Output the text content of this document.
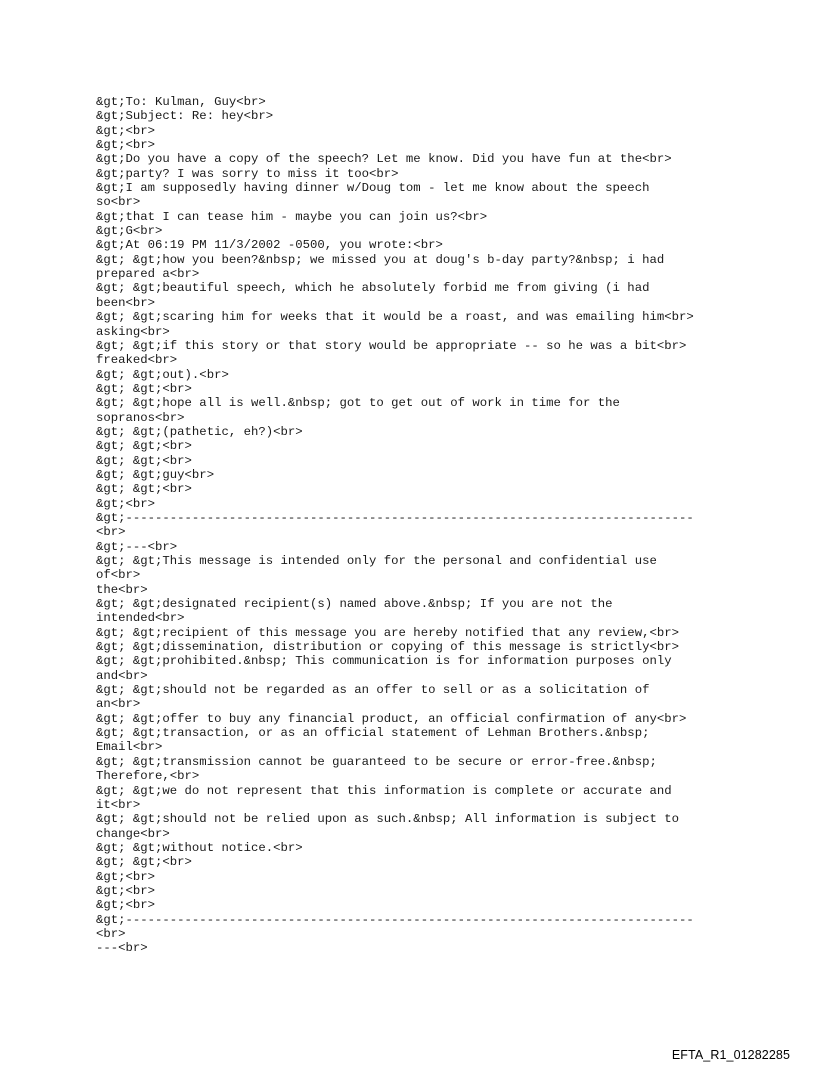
&gt;To: Kulman, Guy<br>
&gt;Subject: Re: hey<br>
&gt;<br>
&gt;<br>
&gt;Do you have a copy of the speech? Let me know. Did you have fun at the<br>
&gt;party? I was sorry to miss it too<br>
&gt;I am supposedly having dinner w/Doug tom - let me know about the speech
so<br>
&gt;that I can tease him - maybe you can join us?<br>
&gt;G<br>
&gt;At 06:19 PM 11/3/2002 -0500, you wrote:<br>
&gt; &gt;how you been?&nbsp; we missed you at doug's b-day party?&nbsp; i had
prepared a<br>
&gt; &gt;beautiful speech, which he absolutely forbid me from giving (i had
been<br>
&gt; &gt;scaring him for weeks that it would be a roast, and was emailing him<br>
asking<br>
&gt; &gt;if this story or that story would be appropriate -- so he was a bit<br>
freaked<br>
&gt; &gt;out).<br>
&gt; &gt;<br>
&gt; &gt;hope all is well.&nbsp; got to get out of work in time for the
sopranos<br>
&gt; &gt;(pathetic, eh?)<br>
&gt; &gt;<br>
&gt; &gt;<br>
&gt; &gt;guy<br>
&gt; &gt;<br>
&gt;<br>
&gt;-----------------------------------------------------------------------------
<br>
&gt;---<br>
&gt; &gt;This message is intended only for the personal and confidential use
of<br>
the<br>
&gt; &gt;designated recipient(s) named above.&nbsp; If you are not the
intended<br>
&gt; &gt;recipient of this message you are hereby notified that any review,<br>
&gt; &gt;dissemination, distribution or copying of this message is strictly<br>
&gt; &gt;prohibited.&nbsp; This communication is for information purposes only
and<br>
&gt; &gt;should not be regarded as an offer to sell or as a solicitation of
an<br>
&gt; &gt;offer to buy any financial product, an official confirmation of any<br>
&gt; &gt;transaction, or as an official statement of Lehman Brothers.&nbsp;
Email<br>
&gt; &gt;transmission cannot be guaranteed to be secure or error-free.&nbsp;
Therefore,<br>
&gt; &gt;we do not represent that this information is complete or accurate and
it<br>
&gt; &gt;should not be relied upon as such.&nbsp; All information is subject to
change<br>
&gt; &gt;without notice.<br>
&gt; &gt;<br>
&gt;<br>
&gt;<br>
&gt;<br>
&gt;-----------------------------------------------------------------------------
<br>
---<br>
EFTA_R1_01282285
